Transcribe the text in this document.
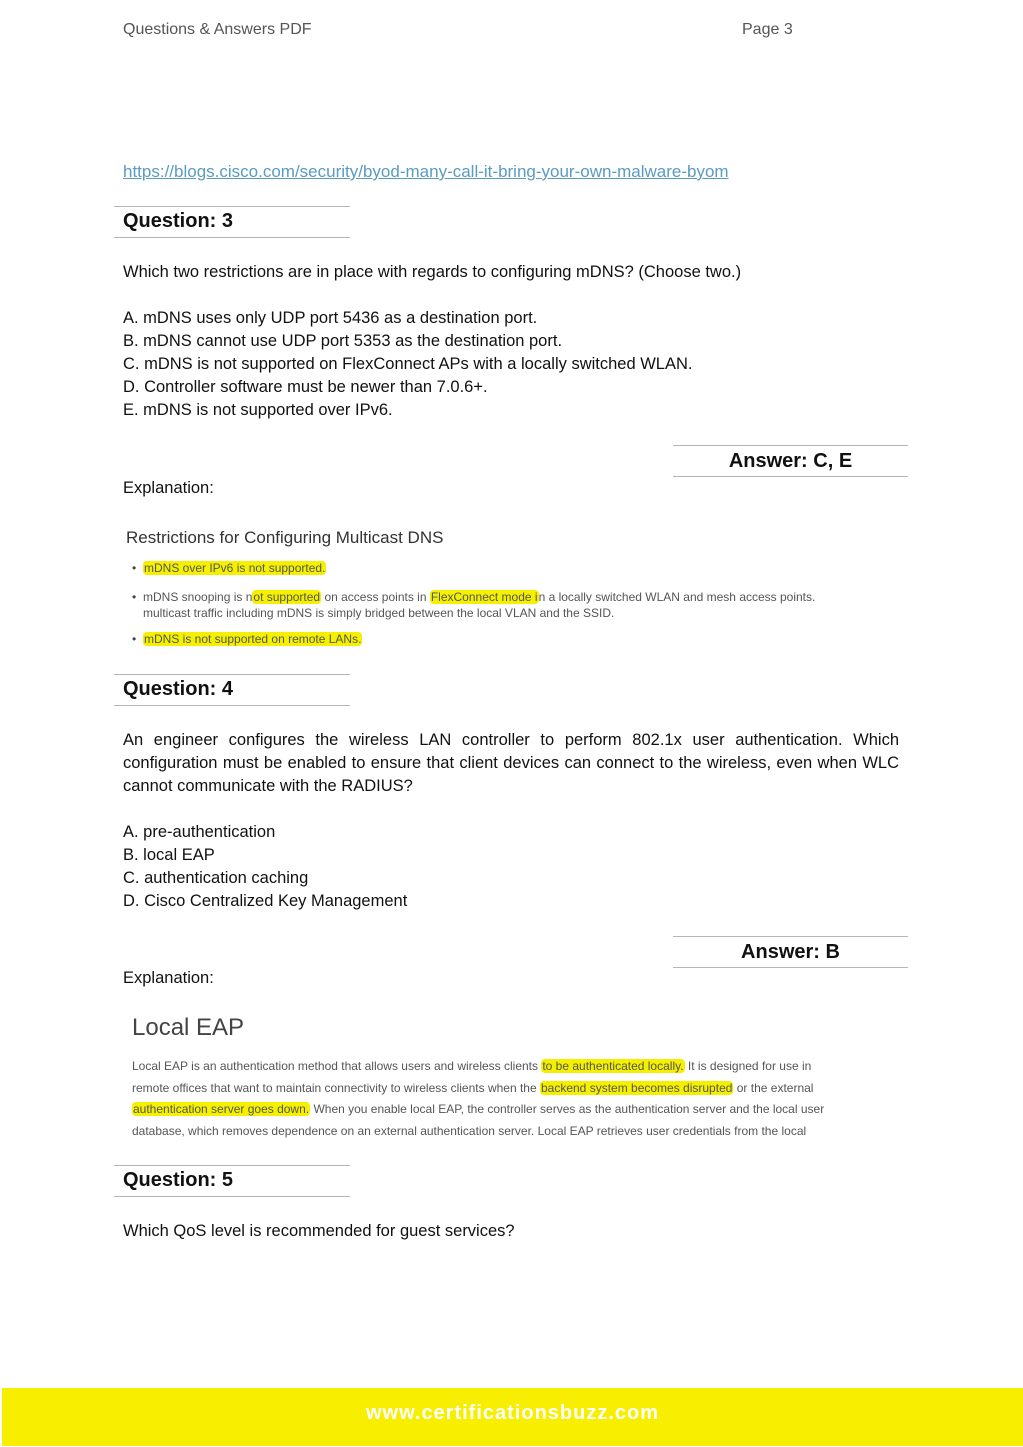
Questions & Answers PDF	Page 3
https://blogs.cisco.com/security/byod-many-call-it-bring-your-own-malware-byom
Question: 3
Which two restrictions are in place with regards to configuring mDNS? (Choose two.)
A. mDNS uses only UDP port 5436 as a destination port.
B. mDNS cannot use UDP port 5353 as the destination port.
C. mDNS is not supported on FlexConnect APs with a locally switched WLAN.
D. Controller software must be newer than 7.0.6+.
E. mDNS is not supported over IPv6.
Answer: C, E
Explanation:
Restrictions for Configuring Multicast DNS
• mDNS over IPv6 is not supported.
• mDNS snooping is not supported on access points in FlexConnect mode in a locally switched WLAN and mesh access points.
multicast traffic including mDNS is simply bridged between the local VLAN and the SSID.
• mDNS is not supported on remote LANs.
Question: 4
An engineer configures the wireless LAN controller to perform 802.1x user authentication. Which configuration must be enabled to ensure that client devices can connect to the wireless, even when WLC cannot communicate with the RADIUS?
A. pre-authentication
B. local EAP
C. authentication caching
D. Cisco Centralized Key Management
Answer: B
Explanation:
Local EAP
Local EAP is an authentication method that allows users and wireless clients to be authenticated locally. It is designed for use in
remote offices that want to maintain connectivity to wireless clients when the backend system becomes disrupted or the external
authentication server goes down. When you enable local EAP, the controller serves as the authentication server and the local user
database, which removes dependence on an external authentication server. Local EAP retrieves user credentials from the local
Question: 5
Which QoS level is recommended for guest services?
www.certificationsbuzz.com
